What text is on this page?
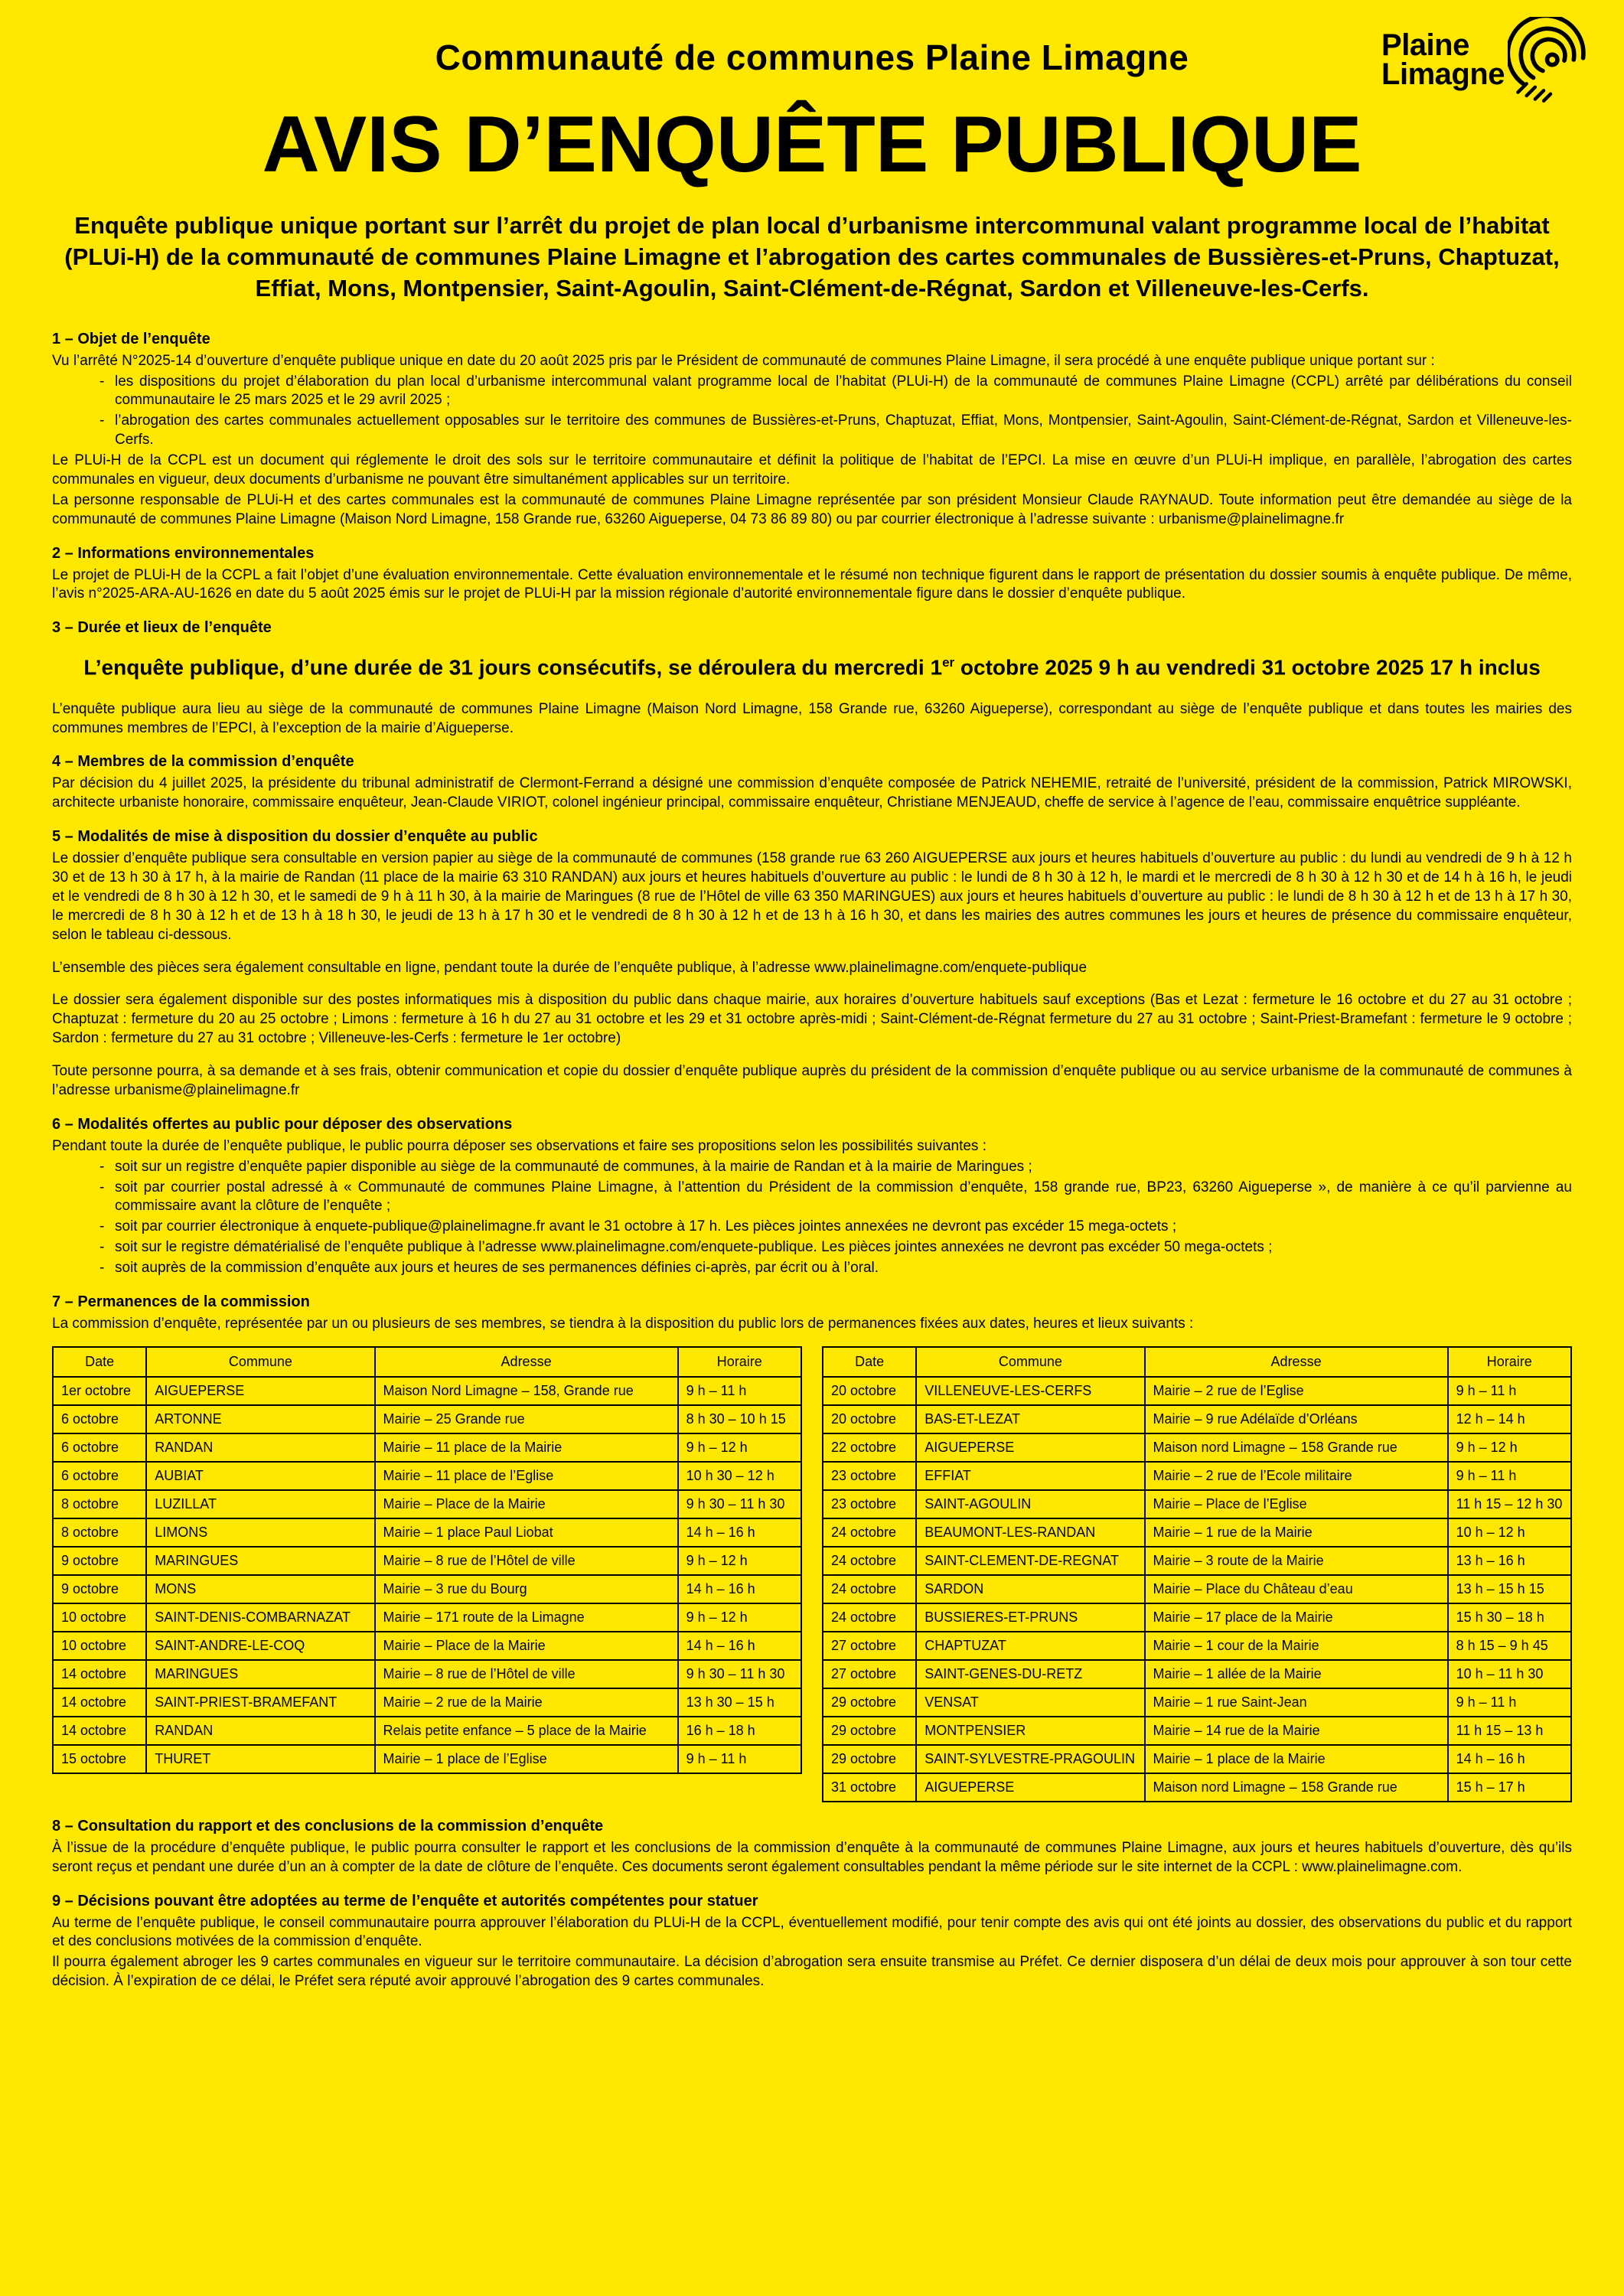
Plaine
Limagne
Communauté de communes Plaine Limagne
AVIS D’ENQUÊTE PUBLIQUE

Enquête publique unique portant sur l’arrêt du projet de plan local d’urbanisme intercommunal valant programme local de l’habitat (PLUi-H) de la communauté de communes Plaine Limagne et l’abrogation des cartes communales de Bussières-et-Pruns, Chaptuzat, Effiat, Mons, Montpensier, Saint-Agoulin, Saint-Clément-de-Régnat, Sardon et Villeneuve-les-Cerfs.

1 – Objet de l’enquête

Vu l’arrêté N°2025-14 d’ouverture d’enquête publique unique en date du 20 août 2025 pris par le Président de communauté de communes Plaine Limagne, il sera procédé à une enquête publique unique portant sur :

- les dispositions du projet d’élaboration du plan local d’urbanisme intercommunal valant programme local de l’habitat (PLUi-H) de la communauté de communes Plaine Limagne (CCPL) arrêté par délibérations du conseil communautaire le 25 mars 2025 et le 29 avril 2025 ;
- l’abrogation des cartes communales actuellement opposables sur le territoire des communes de Bussières-et-Pruns, Chaptuzat, Effiat, Mons, Montpensier, Saint-Agoulin, Saint-Clément-de-Régnat, Sardon et Villeneuve-les-Cerfs.

Le PLUi-H de la CCPL est un document qui réglemente le droit des sols sur le territoire communautaire et définit la politique de l’habitat de l’EPCI. La mise en œuvre d’un PLUi-H implique, en parallèle, l’abrogation des cartes communales en vigueur, deux documents d’urbanisme ne pouvant être simultanément applicables sur un territoire.

La personne responsable de PLUi-H et des cartes communales est la communauté de communes Plaine Limagne représentée par son président Monsieur Claude RAYNAUD. Toute information peut être demandée au siège de la communauté de communes Plaine Limagne (Maison Nord Limagne, 158 Grande rue, 63260 Aigueperse, 04 73 86 89 80) ou par courrier électronique à l’adresse suivante : urbanisme@plainelimagne.fr

2 – Informations environnementales

Le projet de PLUi-H de la CCPL a fait l’objet d’une évaluation environnementale. Cette évaluation environnementale et le résumé non technique figurent dans le rapport de présentation du dossier soumis à enquête publique. De même, l’avis n°2025-ARA-AU-1626 en date du 5 août 2025 émis sur le projet de PLUi-H par la mission régionale d’autorité environnementale figure dans le dossier d’enquête publique.

3 – Durée et lieux de l’enquête

L’enquête publique, d’une durée de 31 jours consécutifs, se déroulera du mercredi 1er octobre 2025 9 h au vendredi 31 octobre 2025 17 h inclus

L’enquête publique aura lieu au siège de la communauté de communes Plaine Limagne (Maison Nord Limagne, 158 Grande rue, 63260 Aigueperse), correspondant au siège de l’enquête publique et dans toutes les mairies des communes membres de l’EPCI, à l’exception de la mairie d’Aigueperse.

4 – Membres de la commission d’enquête

Par décision du 4 juillet 2025, la présidente du tribunal administratif de Clermont-Ferrand a désigné une commission d’enquête composée de Patrick NEHEMIE, retraité de l’université, président de la commission, Patrick MIROWSKI, architecte urbaniste honoraire, commissaire enquêteur, Jean-Claude VIRIOT, colonel ingénieur principal, commissaire enquêteur, Christiane MENJEAUD, cheffe de service à l’agence de l’eau, commissaire enquêtrice suppléante.

5 – Modalités de mise à disposition du dossier d’enquête au public

Le dossier d’enquête publique sera consultable en version papier au siège de la communauté de communes (158 grande rue 63 260 AIGUEPERSE aux jours et heures habituels d’ouverture au public : du lundi au vendredi de 9 h à 12 h 30 et de 13 h 30 à 17 h, à la mairie de Randan (11 place de la mairie 63 310 RANDAN) aux jours et heures habituels d’ouverture au public : le lundi de 8 h 30 à 12 h, le mardi et le mercredi de 8 h 30 à 12 h 30 et de 14 h à 16 h, le jeudi et le vendredi de 8 h 30 à 12 h 30, et le samedi de 9 h à 11 h 30, à la mairie de Maringues (8 rue de l’Hôtel de ville 63 350 MARINGUES) aux jours et heures habituels d’ouverture au public : le lundi de 8 h 30 à 12 h et de 13 h à 17 h 30, le mercredi de 8 h 30 à 12 h et de 13 h à 18 h 30, le jeudi de 13 h à 17 h 30 et le vendredi de 8 h 30 à 12 h et de 13 h à 16 h 30, et dans les mairies des autres communes les jours et heures de présence du commissaire enquêteur, selon le tableau ci-dessous.

L’ensemble des pièces sera également consultable en ligne, pendant toute la durée de l’enquête publique, à l’adresse www.plainelimagne.com/enquete-publique

Le dossier sera également disponible sur des postes informatiques mis à disposition du public dans chaque mairie, aux horaires d’ouverture habituels sauf exceptions (Bas et Lezat : fermeture le 16 octobre et du 27 au 31 octobre ; Chaptuzat : fermeture du 20 au 25 octobre ; Limons : fermeture à 16 h du 27 au 31 octobre et les 29 et 31 octobre après-midi ; Saint-Clément-de-Régnat fermeture du 27 au 31 octobre ; Saint-Priest-Bramefant : fermeture le 9 octobre ; Sardon : fermeture du 27 au 31 octobre ; Villeneuve-les-Cerfs : fermeture le 1er octobre)

Toute personne pourra, à sa demande et à ses frais, obtenir communication et copie du dossier d’enquête publique auprès du président de la commission d’enquête publique ou au service urbanisme de la communauté de communes à l’adresse urbanisme@plainelimagne.fr

6 – Modalités offertes au public pour déposer des observations

Pendant toute la durée de l’enquête publique, le public pourra déposer ses observations et faire ses propositions selon les possibilités suivantes :

- soit sur un registre d’enquête papier disponible au siège de la communauté de communes, à la mairie de Randan et à la mairie de Maringues ;
- soit par courrier postal adressé à « Communauté de communes Plaine Limagne, à l’attention du Président de la commission d’enquête, 158 grande rue, BP23, 63260 Aigueperse », de manière à ce qu’il parvienne au commissaire avant la clôture de l’enquête ;
- soit par courrier électronique à enquete-publique@plainelimagne.fr avant le 31 octobre à 17 h. Les pièces jointes annexées ne devront pas excéder 15 mega-octets ;
- soit sur le registre dématérialisé de l’enquête publique à l’adresse www.plainelimagne.com/enquete-publique. Les pièces jointes annexées ne devront pas excéder 50 mega-octets ;
- soit auprès de la commission d’enquête aux jours et heures de ses permanences définies ci-après, par écrit ou à l’oral.
7 – Permanences de la commission

La commission d’enquête, représentée par un ou plusieurs de ses membres, se tiendra à la disposition du public lors de permanences fixées aux dates, heures et lieux suivants :

Date	Commune	Adresse	Horaire
1er octobre	AIGUEPERSE	Maison Nord Limagne – 158, Grande rue	9 h – 11 h
6 octobre	ARTONNE	Mairie – 25 Grande rue	8 h 30 – 10 h 15
6 octobre	RANDAN	Mairie – 11 place de la Mairie	9 h – 12 h
6 octobre	AUBIAT	Mairie – 11 place de l’Eglise	10 h 30 – 12 h
8 octobre	LUZILLAT	Mairie – Place de la Mairie	9 h 30 – 11 h 30
8 octobre	LIMONS	Mairie – 1 place Paul Liobat	14 h – 16 h
9 octobre	MARINGUES	Mairie – 8 rue de l’Hôtel de ville	9 h – 12 h
9 octobre	MONS	Mairie – 3 rue du Bourg	14 h – 16 h
10 octobre	SAINT-DENIS-COMBARNAZAT	Mairie – 171 route de la Limagne	9 h – 12 h
10 octobre	SAINT-ANDRE-LE-COQ	Mairie – Place de la Mairie	14 h – 16 h
14 octobre	MARINGUES	Mairie – 8 rue de l’Hôtel de ville	9 h 30 – 11 h 30
14 octobre	SAINT-PRIEST-BRAMEFANT	Mairie – 2 rue de la Mairie	13 h 30 – 15 h
14 octobre	RANDAN	Relais petite enfance – 5 place de la Mairie	16 h – 18 h
15 octobre	THURET	Mairie – 1 place de l’Eglise	9 h – 11 h
Date	Commune	Adresse	Horaire
20 octobre	VILLENEUVE-LES-CERFS	Mairie – 2 rue de l’Eglise	9 h – 11 h
20 octobre	BAS-ET-LEZAT	Mairie – 9 rue Adélaïde d’Orléans	12 h – 14 h
22 octobre	AIGUEPERSE	Maison nord Limagne – 158 Grande rue	9 h – 12 h
23 octobre	EFFIAT	Mairie – 2 rue de l’Ecole militaire	9 h – 11 h
23 octobre	SAINT-AGOULIN	Mairie – Place de l’Eglise	11 h 15 – 12 h 30
24 octobre	BEAUMONT-LES-RANDAN	Mairie – 1 rue de la Mairie	10 h – 12 h
24 octobre	SAINT-CLEMENT-DE-REGNAT	Mairie – 3 route de la Mairie	13 h – 16 h
24 octobre	SARDON	Mairie – Place du Château d’eau	13 h – 15 h 15
24 octobre	BUSSIERES-ET-PRUNS	Mairie – 17 place de la Mairie	15 h 30 – 18 h
27 octobre	CHAPTUZAT	Mairie – 1 cour de la Mairie	8 h 15 – 9 h 45
27 octobre	SAINT-GENES-DU-RETZ	Mairie – 1 allée de la Mairie	10 h – 11 h 30
29 octobre	VENSAT	Mairie – 1 rue Saint-Jean	9 h – 11 h
29 octobre	MONTPENSIER	Mairie – 14 rue de la Mairie	11 h 15 – 13 h
29 octobre	SAINT-SYLVESTRE-PRAGOULIN	Mairie – 1 place de la Mairie	14 h – 16 h
31 octobre	AIGUEPERSE	Maison nord Limagne – 158 Grande rue	15 h – 17 h
8 – Consultation du rapport et des conclusions de la commission d’enquête

À l’issue de la procédure d’enquête publique, le public pourra consulter le rapport et les conclusions de la commission d’enquête à la communauté de communes Plaine Limagne, aux jours et heures habituels d’ouverture, dès qu’ils seront reçus et pendant une durée d’un an à compter de la date de clôture de l’enquête. Ces documents seront également consultables pendant la même période sur le site internet de la CCPL : www.plainelimagne.com.

9 – Décisions pouvant être adoptées au terme de l’enquête et autorités compétentes pour statuer

Au terme de l’enquête publique, le conseil communautaire pourra approuver l’élaboration du PLUi-H de la CCPL, éventuellement modifié, pour tenir compte des avis qui ont été joints au dossier, des observations du public et du rapport et des conclusions motivées de la commission d’enquête.

Il pourra également abroger les 9 cartes communales en vigueur sur le territoire communautaire. La décision d’abrogation sera ensuite transmise au Préfet. Ce dernier disposera d’un délai de deux mois pour approuver à son tour cette décision. À l’expiration de ce délai, le Préfet sera réputé avoir approuvé l’abrogation des 9 cartes communales.
